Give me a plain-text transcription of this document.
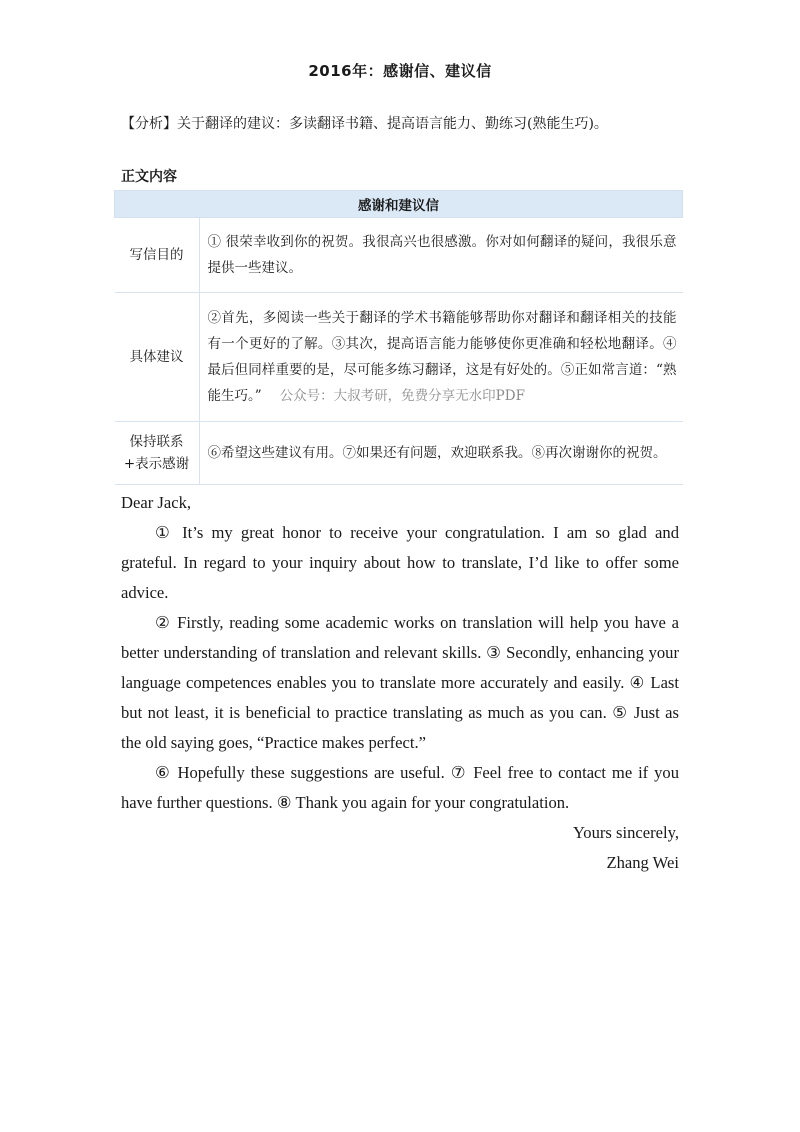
2016年：感谢信、建议信
【分析】关于翻译的建议：多读翻译书籍、提高语言能力、勤练习(熟能生巧)。
正文内容
感谢和建议信	
写信目的	① 很荣幸收到你的祝贺。我很高兴也很感激。你对如何翻译的疑问，我很乐意提供一些建议。
具体建议	②首先，多阅读一些关于翻译的学术书籍能够帮助你对翻译和翻译相关的技能有一个更好的了解。③其次，提高语言能力能够使你更准确和轻松地翻译。④最后但同样重要的是，尽可能多练习翻译，这是有好处的。⑤正如常言道：“熟能生巧。” 公众号：大叔考研，免费分享无水印PDF
保持联系
+表示感谢	⑥希望这些建议有用。⑦如果还有问题，欢迎联系我。⑧再次谢谢你的祝贺。

Dear Jack,

① It’s my great honor to receive your congratulation. I am so glad and grateful. In regard to your inquiry about how to translate, I’d like to offer some advice.

② Firstly, reading some academic works on translation will help you have a better understanding of translation and relevant skills. ③ Secondly, enhancing your language competences enables you to translate more accurately and easily. ④ Last but not least, it is beneficial to practice translating as much as you can. ⑤ Just as the old saying goes, “Practice makes perfect.”

⑥ Hopefully these suggestions are useful. ⑦ Feel free to contact me if you have further questions. ⑧ Thank you again for your congratulation.

Yours sincerely,

Zhang Wei
